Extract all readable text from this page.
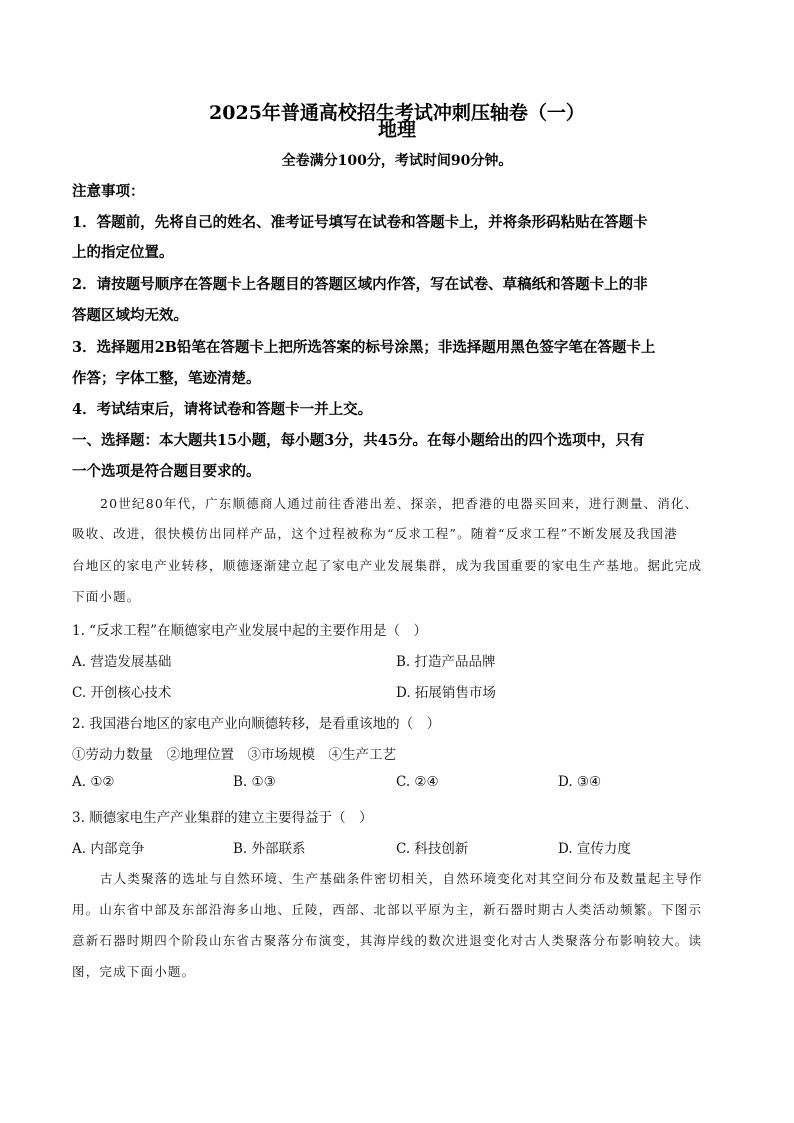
2025年普通高校招生考试冲刺压轴卷（一）
地理
全卷满分100分，考试时间90分钟。
注意事项：
1．答题前，先将自己的姓名、准考证号填写在试卷和答题卡上，并将条形码粘贴在答题卡
上的指定位置。
2．请按题号顺序在答题卡上各题目的答题区域内作答，写在试卷、草稿纸和答题卡上的非
答题区域均无效。
3．选择题用2B铅笔在答题卡上把所选答案的标号涂黑；非选择题用黑色签字笔在答题卡上
作答；字体工整，笔迹清楚。
4．考试结束后，请将试卷和答题卡一并上交。
一、选择题：本大题共15小题，每小题3分，共45分。在每小题给出的四个选项中，只有
一个选项是符合题目要求的。
20世纪80年代，广东顺德商人通过前往香港出差、探亲，把香港的电器买回来，进行测量、消化、
吸收、改进，很快模仿出同样产品，这个过程被称为“反求工程”。随着“反求工程”不断发展及我国港
台地区的家电产业转移，顺德逐渐建立起了家电产业发展集群，成为我国重要的家电生产基地。据此完成
下面小题。
1. “反求工程”在顺德家电产业发展中起的主要作用是（　）
A. 营造发展基础	B. 打造产品品牌
C. 开创核心技术	D. 拓展销售市场
2. 我国港台地区的家电产业向顺德转移，是看重该地的（　）
①劳动力数量　②地理位置　③市场规模　④生产工艺
A. ①②	B. ①③	C. ②④	D. ③④
3. 顺德家电生产产业集群的建立主要得益于（　）
A. 内部竞争	B. 外部联系	C. 科技创新	D. 宣传力度
古人类聚落的选址与自然环境、生产基础条件密切相关，自然环境变化对其空间分布及数量起主导作
用。山东省中部及东部沿海多山地、丘陵，西部、北部以平原为主，新石器时期古人类活动频繁。下图示
意新石器时期四个阶段山东省古聚落分布演变，其海岸线的数次进退变化对古人类聚落分布影响较大。读
图，完成下面小题。
